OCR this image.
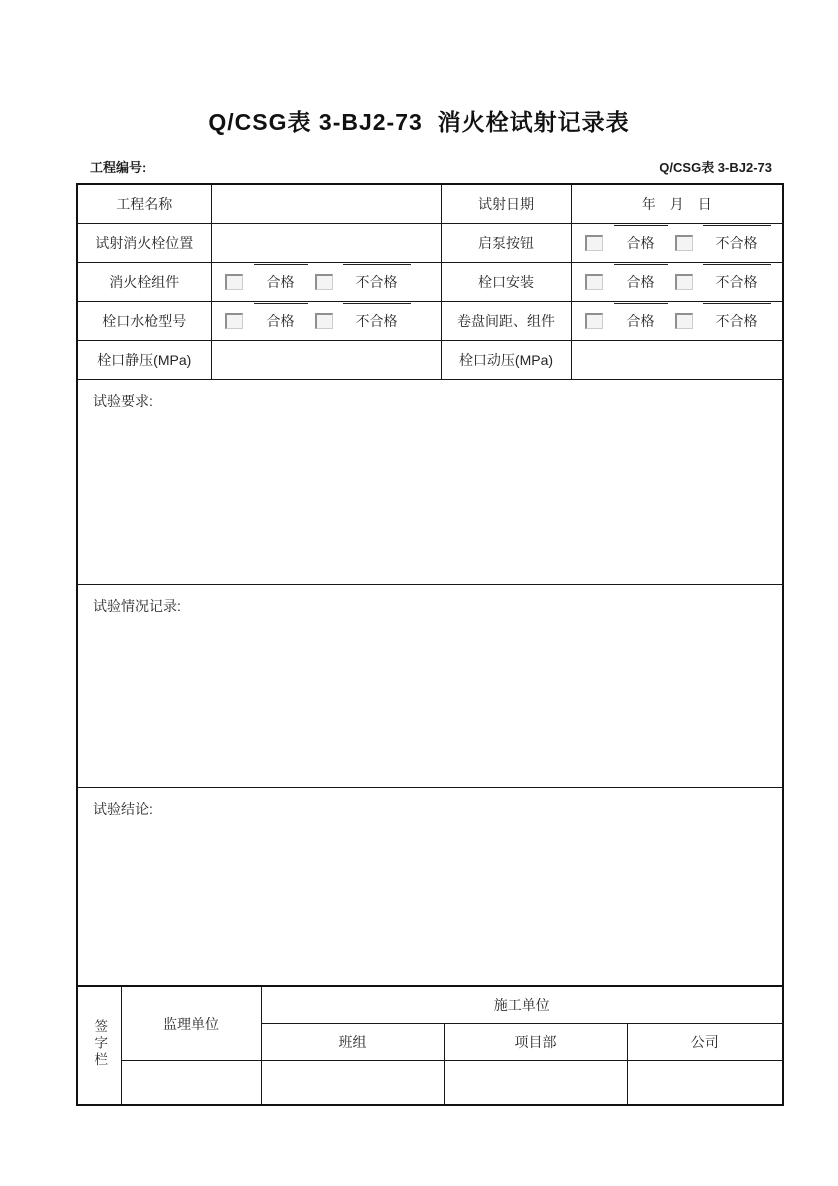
Q/CSG表 3-BJ2-73  消火栓试射记录表
工程编号:	Q/CSG表 3-BJ2-73
工程名称		试射日期	年　月　日
试射消火栓位置		启泵按钮	合格 不合格

消火栓组件	合格 不合格	栓口安装	合格 不合格

栓口水枪型号	合格 不合格	卷盘间距、组件	合格 不合格

栓口静压(MPa)		栓口动压(MPa)	
试验要求:			
试验情况记录:			
试验结论:			
签字栏	监理单位	施工单位		
		班组	项目部	公司
